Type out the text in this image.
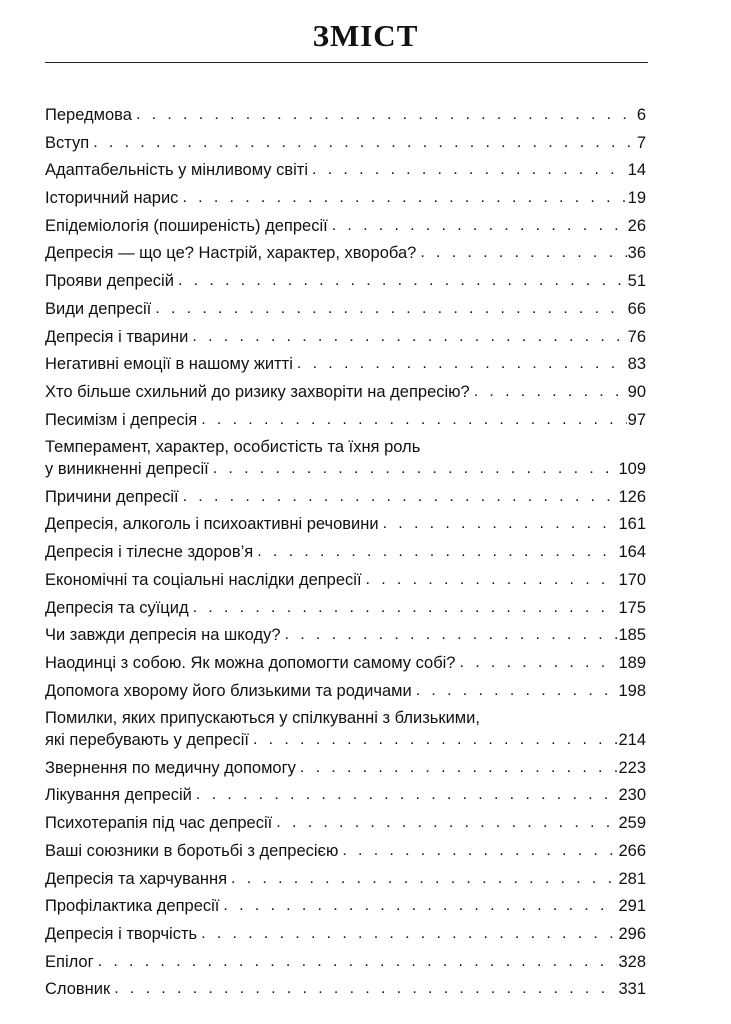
ЗМІСТ
Передмова . . .	6
Вступ . . .	7
Адаптабельність у мінливому світі . . .	14
Історичний нарис . . .	19
Епідеміологія (поширеність) депресії . . .	26
Депресія — що це? Настрій, характер, хвороба? . . .	36
Прояви депресій . . .	51
Види депресії . . .	66
Депресія і тварини . . .	76
Негативні емоції в нашому житті . . .	83
Хто більше схильний до ризику захворіти на депресію? . . .	90
Песимізм і депресія . . .	97
Темперамент, характер, особистість та їхня роль
у виникненні депресії . . .	109
Причини депресії . . .	126
Депресія, алкоголь і психоактивні речовини . . .	161
Депресія і тілесне здоров’я . . .	164
Економічні та соціальні наслідки депресії . . .	170
Депресія та суїцид . . .	175
Чи завжди депресія на шкоду? . . .	185
Наодинці з собою. Як можна допомогти самому собі? . . .	189
Допомога хворому його близькими та родичами . . .	198
Помилки, яких припускаються у спілкуванні з близькими,
які перебувають у депресії . . .	214
Звернення по медичну допомогу . . .	223
Лікування депресій . . .	230
Психотерапія під час депресії . . .	259
Ваші союзники в боротьбі з депресією . . .	266
Депресія та харчування . . .	281
Профілактика депресії . . .	291
Депресія і творчість . . .	296
Епілог . . .	328
Словник . . .	331
